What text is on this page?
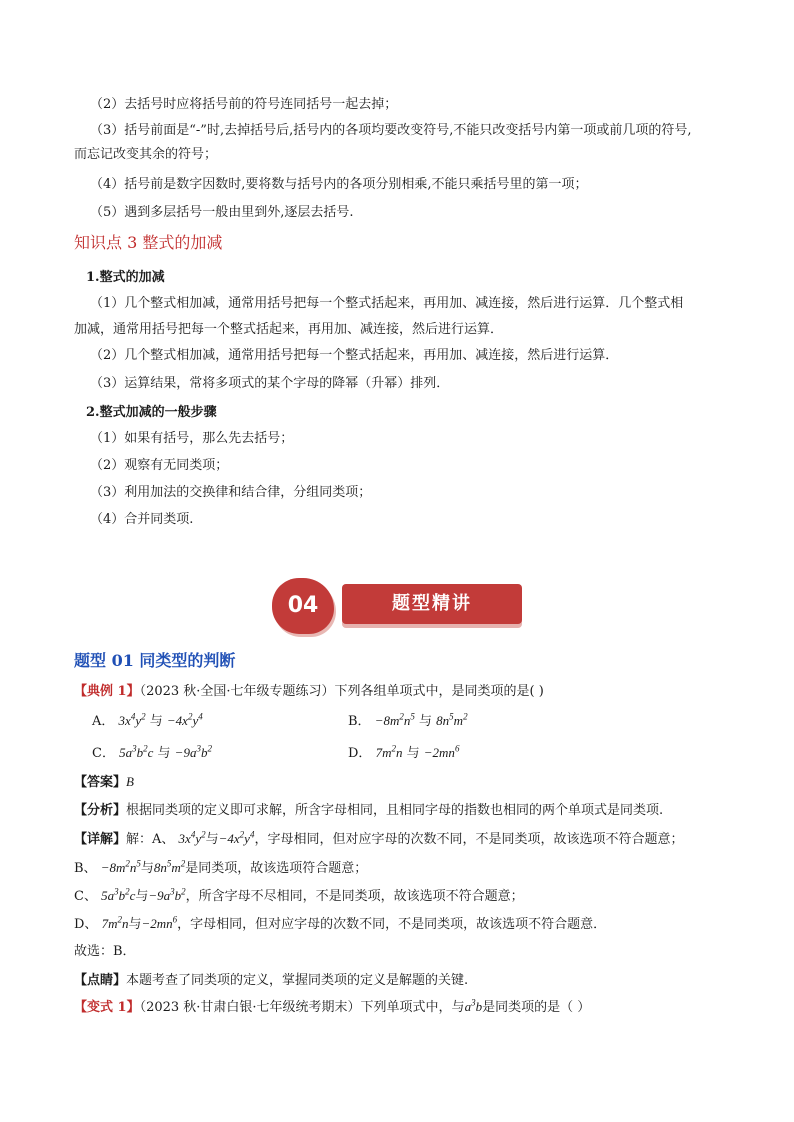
（2）去括号时应将括号前的符号连同括号一起去掉；
（3）括号前面是“-”时,去掉括号后,括号内的各项均要改变符号,不能只改变括号内第一项或前几项的符号,
而忘记改变其余的符号；
（4）括号前是数字因数时,要将数与括号内的各项分别相乘,不能只乘括号里的第一项；
（5）遇到多层括号一般由里到外,逐层去括号.
知识点 3 整式的加减
1.整式的加减
（1）几个整式相加减，通常用括号把每一个整式括起来，再用加、减连接，然后进行运算．几个整式相
加减，通常用括号把每一个整式括起来，再用加、减连接，然后进行运算．
（2）几个整式相加减，通常用括号把每一个整式括起来，再用加、减连接，然后进行运算．
（3）运算结果，常将多项式的某个字母的降幂（升幂）排列．
2.整式加减的一般步骤
（1）如果有括号，那么先去括号；
（2）观察有无同类项；
（3）利用加法的交换律和结合律，分组同类项；
（4）合并同类项.
题型精讲
04
题型 01 同类型的判断
【典例 1】（2023 秋·全国·七年级专题练习）下列各组单项式中，是同类项的是( )
A． $3x^4y^2$ 与 $-4x^2y^4$	B． $-8m^2n^5$ 与 $8n^5m^2$
C． $5a^3b^2c$ 与 $-9a^3b^2$	D． $7m^2n$ 与 $-2mn^6$
【答案】B
【分析】根据同类项的定义即可求解，所含字母相同，且相同字母的指数也相同的两个单项式是同类项.
【详解】解：A、 $3x^4y^2$与$-4x^2y^4$，字母相同，但对应字母的次数不同，不是同类项，故该选项不符合题意；
B、 $-8m^2n^5$与$8n^5m^2$是同类项，故该选项符合题意；
C、 $5a^3b^2c$与$-9a^3b^2$，所含字母不尽相同，不是同类项，故该选项不符合题意；
D、 $7m^2n$与$-2mn^6$，字母相同，但对应字母的次数不同，不是同类项，故该选项不符合题意．
故选：B．
【点睛】本题考查了同类项的定义，掌握同类项的定义是解题的关键.
【变式 1】（2023 秋·甘肃白银·七年级统考期末）下列单项式中，与$a^3b$是同类项的是（ ）
